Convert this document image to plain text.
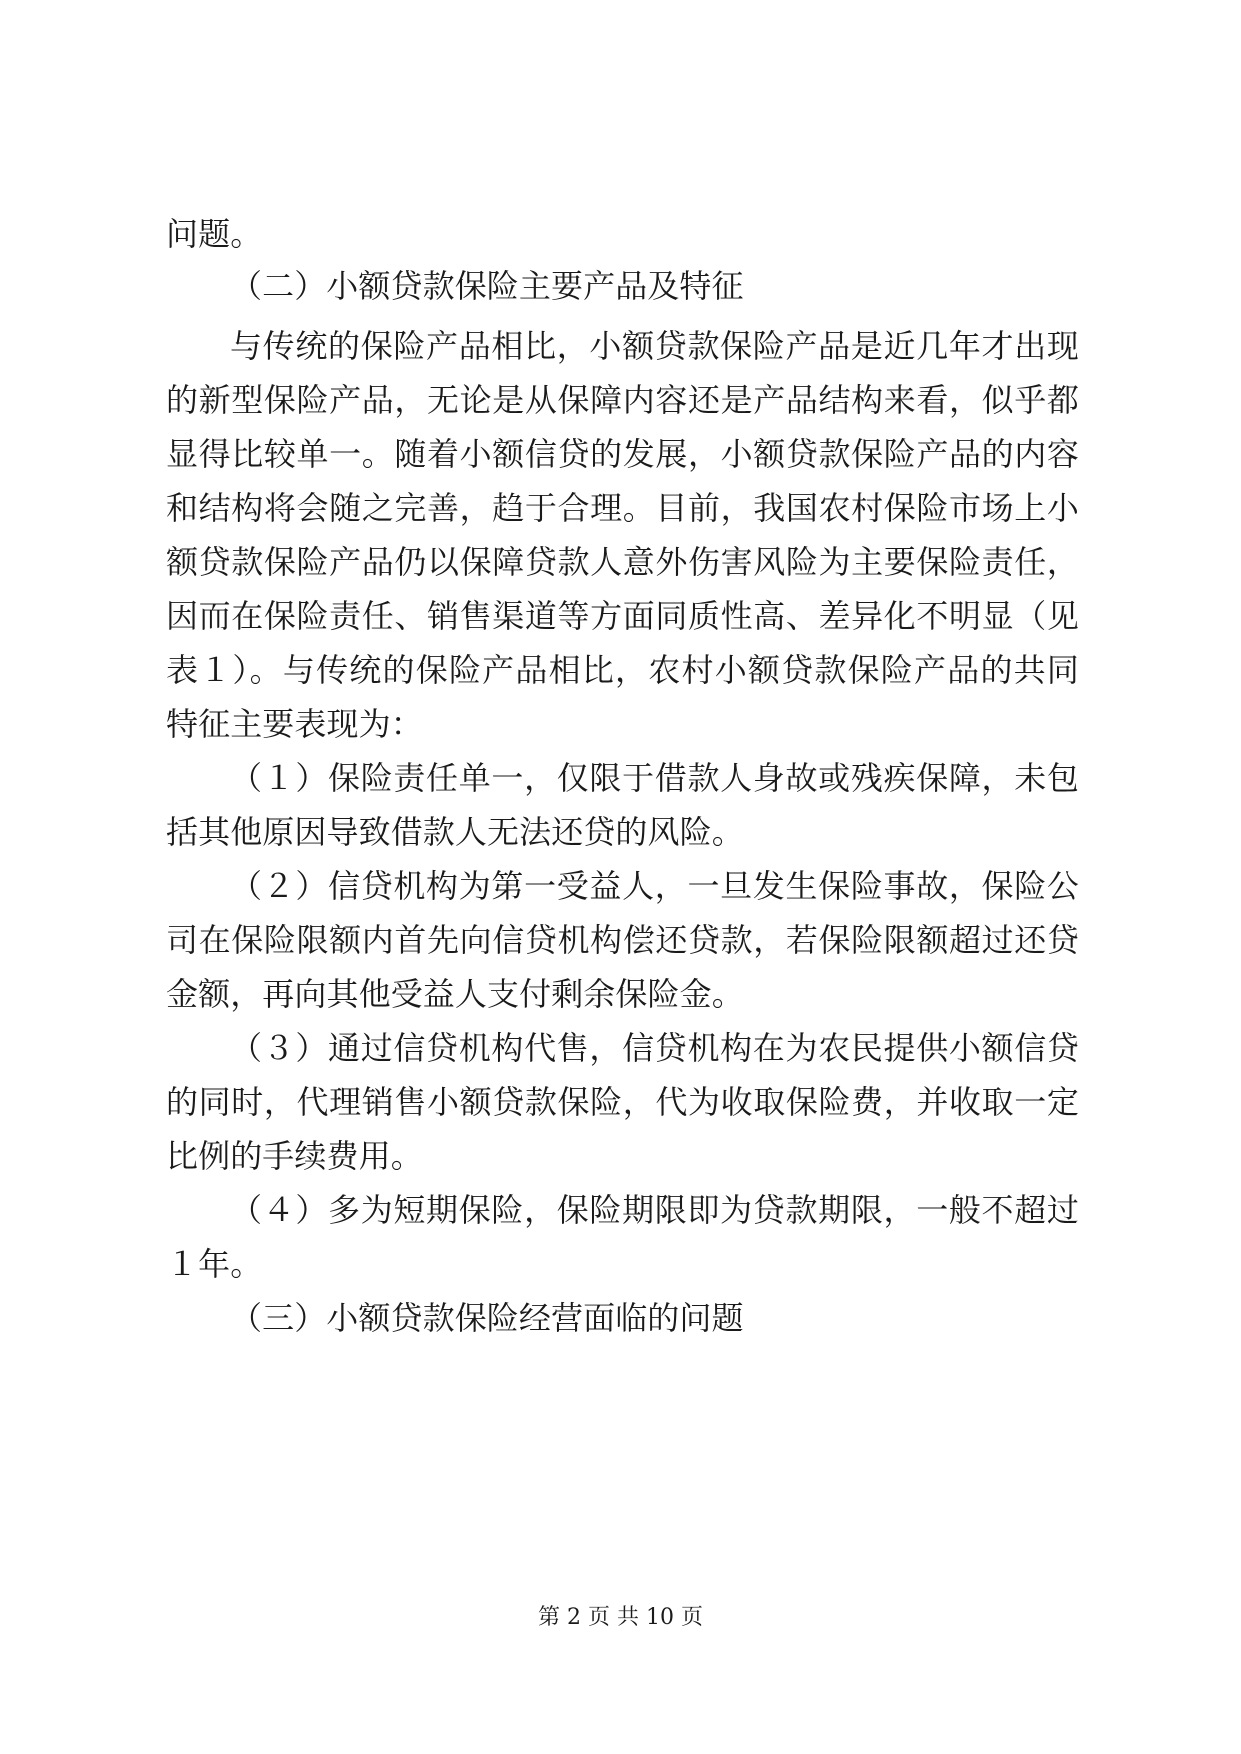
问题。
（二）小额贷款保险主要产品及特征
与传统的保险产品相比，小额贷款保险产品是近几年才出现
的新型保险产品，无论是从保障内容还是产品结构来看，似乎都
显得比较单一。随着小额信贷的发展，小额贷款保险产品的内容
和结构将会随之完善，趋于合理。目前，我国农村保险市场上小
额贷款保险产品仍以保障贷款人意外伤害风险为主要保险责任，
因而在保险责任、销售渠道等方面同质性高、差异化不明显（见
表１）。与传统的保险产品相比，农村小额贷款保险产品的共同
特征主要表现为：
（１）保险责任单一，仅限于借款人身故或残疾保障，未包
括其他原因导致借款人无法还贷的风险。
（２）信贷机构为第一受益人，一旦发生保险事故，保险公
司在保险限额内首先向信贷机构偿还贷款，若保险限额超过还贷
金额，再向其他受益人支付剩余保险金。
（３）通过信贷机构代售，信贷机构在为农民提供小额信贷
的同时，代理销售小额贷款保险，代为收取保险费，并收取一定
比例的手续费用。
（４）多为短期保险，保险期限即为贷款期限，一般不超过
１年。
（三）小额贷款保险经营面临的问题
第 2 页 共 10 页
